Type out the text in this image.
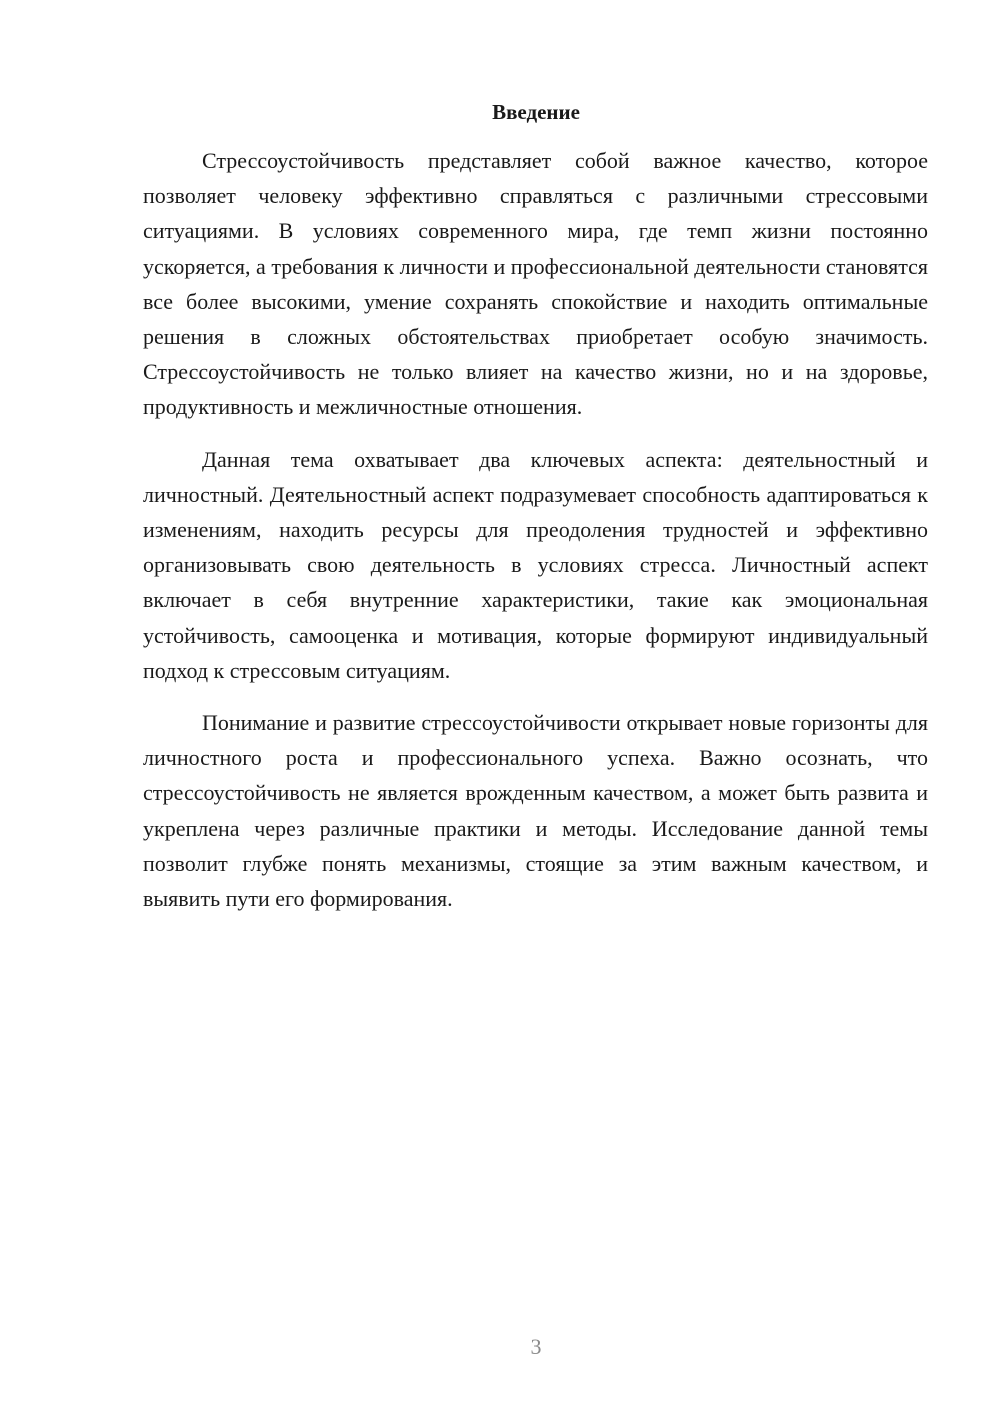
Введение

Стрессоустойчивость представляет собой важное качество, которое позволяет человеку эффективно справляться с различными стрессовыми ситуациями. В условиях современного мира, где темп жизни постоянно ускоряется, а требования к личности и профессиональной деятельности становятся все более высокими, умение сохранять спокойствие и находить оптимальные решения в сложных обстоятельствах приобретает особую значимость. Стрессоустойчивость не только влияет на качество жизни, но и на здоровье, продуктивность и межличностные отношения.

Данная тема охватывает два ключевых аспекта: деятельностный и личностный. Деятельностный аспект подразумевает способность адаптироваться к изменениям, находить ресурсы для преодоления трудностей и эффективно организовывать свою деятельность в условиях стресса. Личностный аспект включает в себя внутренние характеристики, такие как эмоциональная устойчивость, самооценка и мотивация, которые формируют индивидуальный подход к стрессовым ситуациям.

Понимание и развитие стрессоустойчивости открывает новые горизонты для личностного роста и профессионального успеха. Важно осознать, что стрессоустойчивость не является врожденным качеством, а может быть развита и укреплена через различные практики и методы. Исследование данной темы позволит глубже понять механизмы, стоящие за этим важным качеством, и выявить пути его формирования.

3
